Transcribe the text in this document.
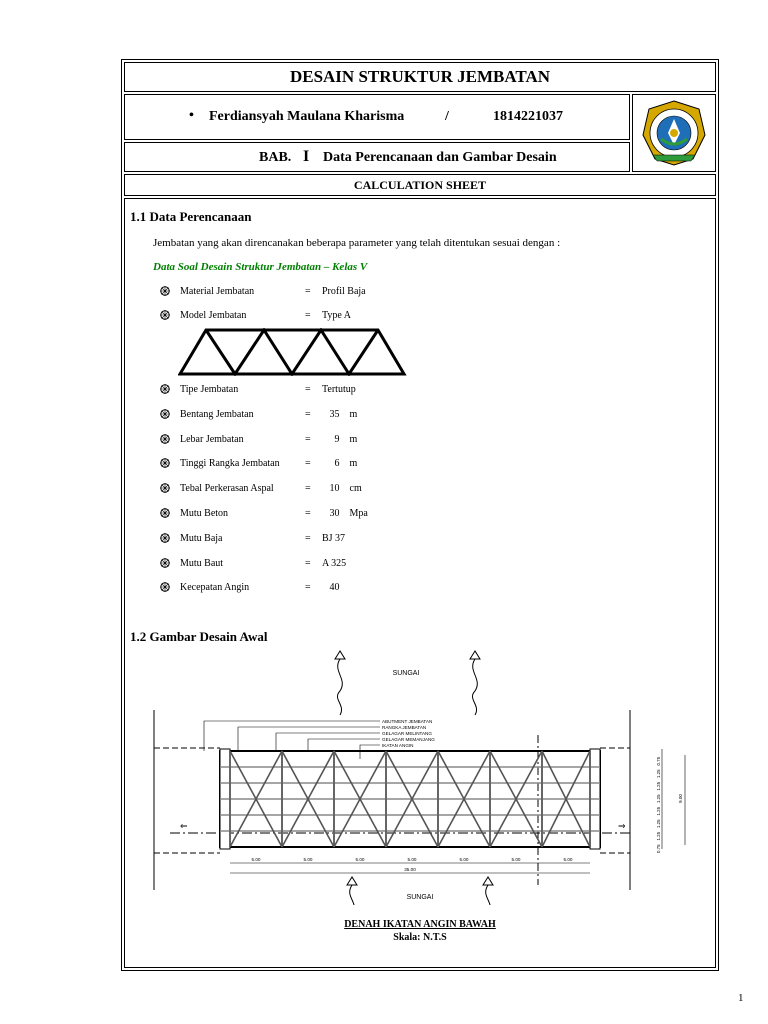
DESAIN STRUKTUR JEMBATAN
• Ferdiansyah Maulana Kharisma	/	1814221037
BAB. I Data Perencanaan dan Gambar Desain
CALCULATION SHEET
1.1 Data Perencanaan
Jembatan yang akan direncanakan beberapa parameter yang telah ditentukan sesuai dengan :
Data Soal Desain Struktur Jembatan – Kelas V
Material Jembatan	= Profil Baja
Model Jembatan	= Type A
Tipe Jembatan	= Tertutup
Bentang Jembatan	= 35    m
Lebar Jembatan	= 9    m
Tinggi Rangka Jembatan	= 6    m
Tebal Perkerasan Aspal	= 10    cm
Mutu Beton	= 30    Mpa
Mutu Baja	= BJ 37
Mutu Baut	= A 325
Kecepatan Angin	= 40
1.2 Gambar Desain Awal
SUNGAI
SUNGAI
⇐	⇒
ABUTMENT JEMBATAN
RANGKA JEMBATAN
GELAGAR MELINTANG
GELAGAR MEMANJANG
IKATAN ANGIN
5.00	5.00	5.00	5.00	5.00	5.00	5.00
35.00
0.75
1.25
1.25
1.25
1.25
1.25
1.25
0.75
9.00
DENAH IKATAN ANGIN BAWAH
Skala: N.T.S
1
